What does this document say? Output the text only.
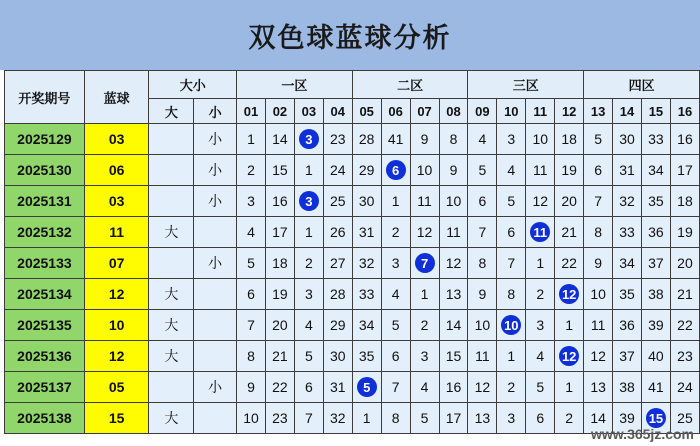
双色球蓝球分析
开奖期号	蓝球	大小		一区				二区				三区				四区			
		大	小	01	02	03	04	05	06	07	08	09	10	11	12	13	14	15	16
2025129	03		小	1	14	3	23	28	41	9	8	4	3	10	18	5	30	33	16
2025130	06		小	2	15	1	24	29	6	10	9	5	4	11	19	6	31	34	17
2025131	03		小	3	16	3	25	30	1	11	10	6	5	12	20	7	32	35	18
2025132	11	大		4	17	1	26	31	2	12	11	7	6	11	21	8	33	36	19
2025133	07		小	5	18	2	27	32	3	7	12	8	7	1	22	9	34	37	20
2025134	12	大		6	19	3	28	33	4	1	13	9	8	2	12	10	35	38	21
2025135	10	大		7	20	4	29	34	5	2	14	10	10	3	1	11	36	39	22
2025136	12	大		8	21	5	30	35	6	3	15	11	1	4	12	12	37	40	23
2025137	05		小	9	22	6	31	5	7	4	16	12	2	5	1	13	38	41	24
2025138	15	大		10	23	7	32	1	8	5	17	13	3	6	2	14	39	15	25
www.365jz.com
